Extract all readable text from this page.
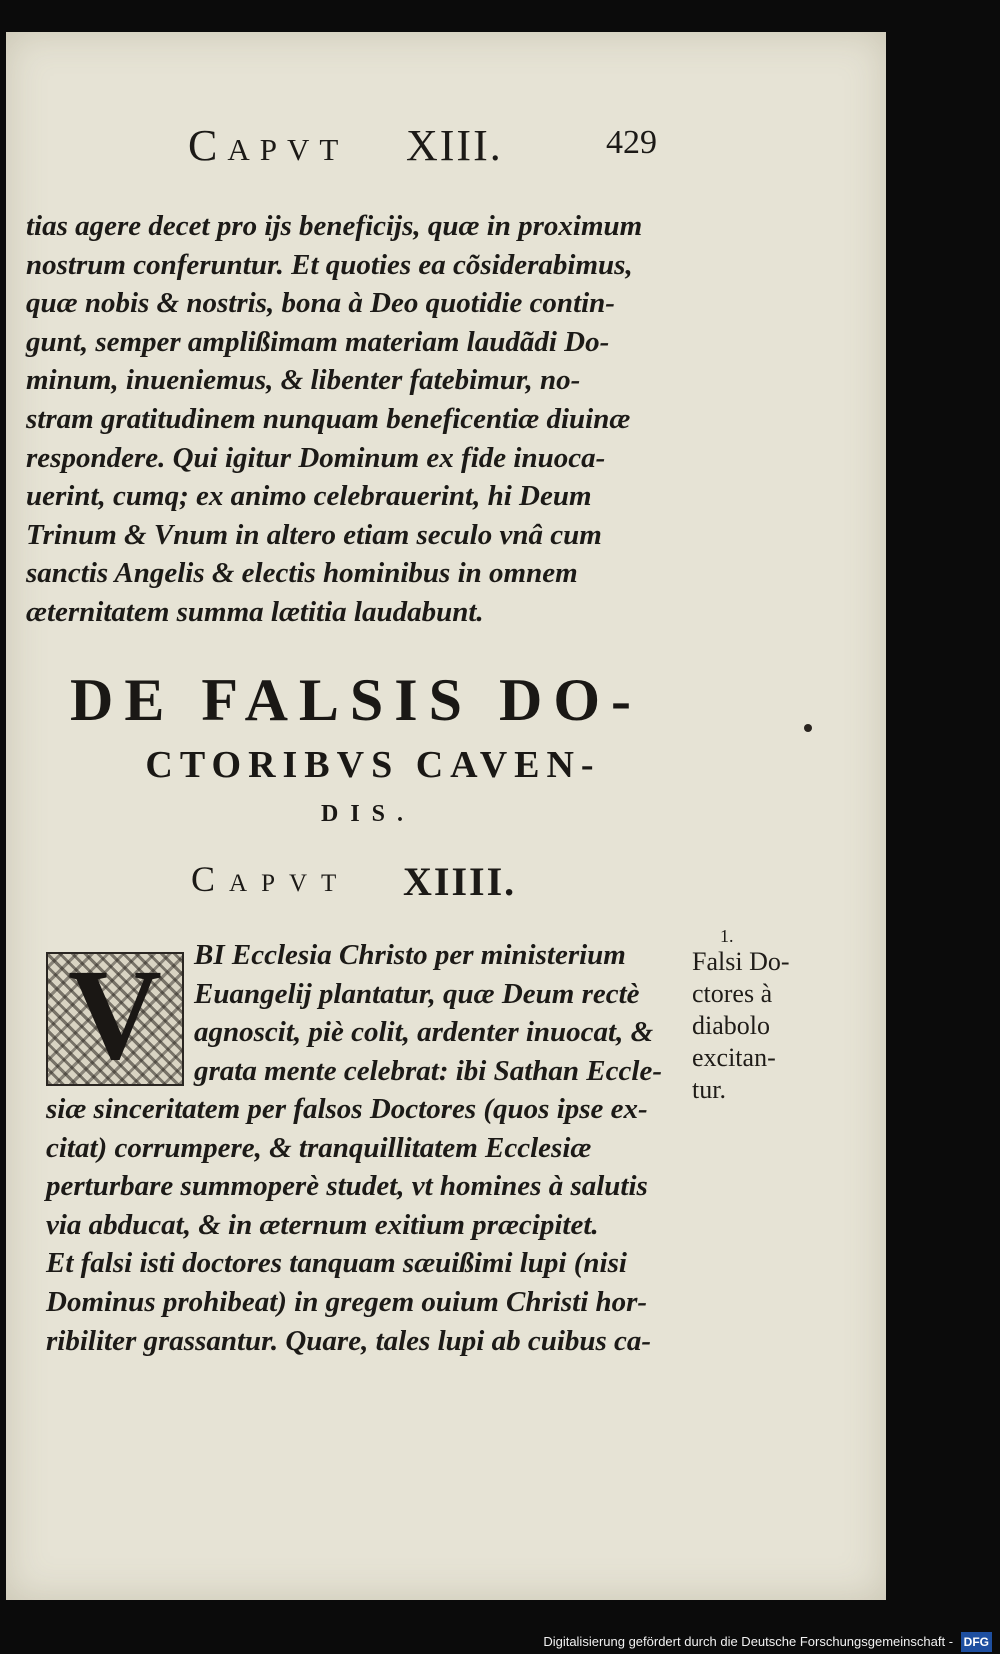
Capvt XIII.	429
tias agere decet pro ijs beneficijs, quæ in proximum
nostrum conferuntur. Et quoties ea cõsiderabimus,
quæ nobis & nostris, bona à Deo quotidie contin-
gunt, semper amplißimam materiam laudãdi Do-
minum, inueniemus, & libenter fatebimur, no-
stram gratitudinem nunquam beneficentiæ diuinæ
respondere. Qui igitur Dominum ex fide inuoca-
uerint, cumq; ex animo celebrauerint, hi Deum
Trinum & Vnum in altero etiam seculo vnâ cum
sanctis Angelis & electis hominibus in omnem
æternitatem summa lætitia laudabunt.
DE FALSIS DO-
CTORIBVS CAVEN-
DIS.
Capvt XIIII.
V	BI Ecclesia Christo per ministerium
Euangelij plantatur, quæ Deum rectè
agnoscit, piè colit, ardenter inuocat, &
grata mente celebrat: ibi Sathan Eccle-
siæ sinceritatem per falsos Doctores (quos ipse ex-
citat) corrumpere, & tranquillitatem Ecclesiæ
perturbare summoperè studet, vt homines à salutis
via abducat, & in æternum exitium præcipitet.
Et falsi isti doctores tanquam sæuißimi lupi (nisi
Dominus prohibeat) in gregem ouium Christi hor-
ribiliter grassantur. Quare, tales lupi ab cuibus ca-
1.
Falsi Do-
ctores à
diabolo
excitan-
tur.
Digitalisierung gefördert durch die Deutsche Forschungsgemeinschaft - DFG
